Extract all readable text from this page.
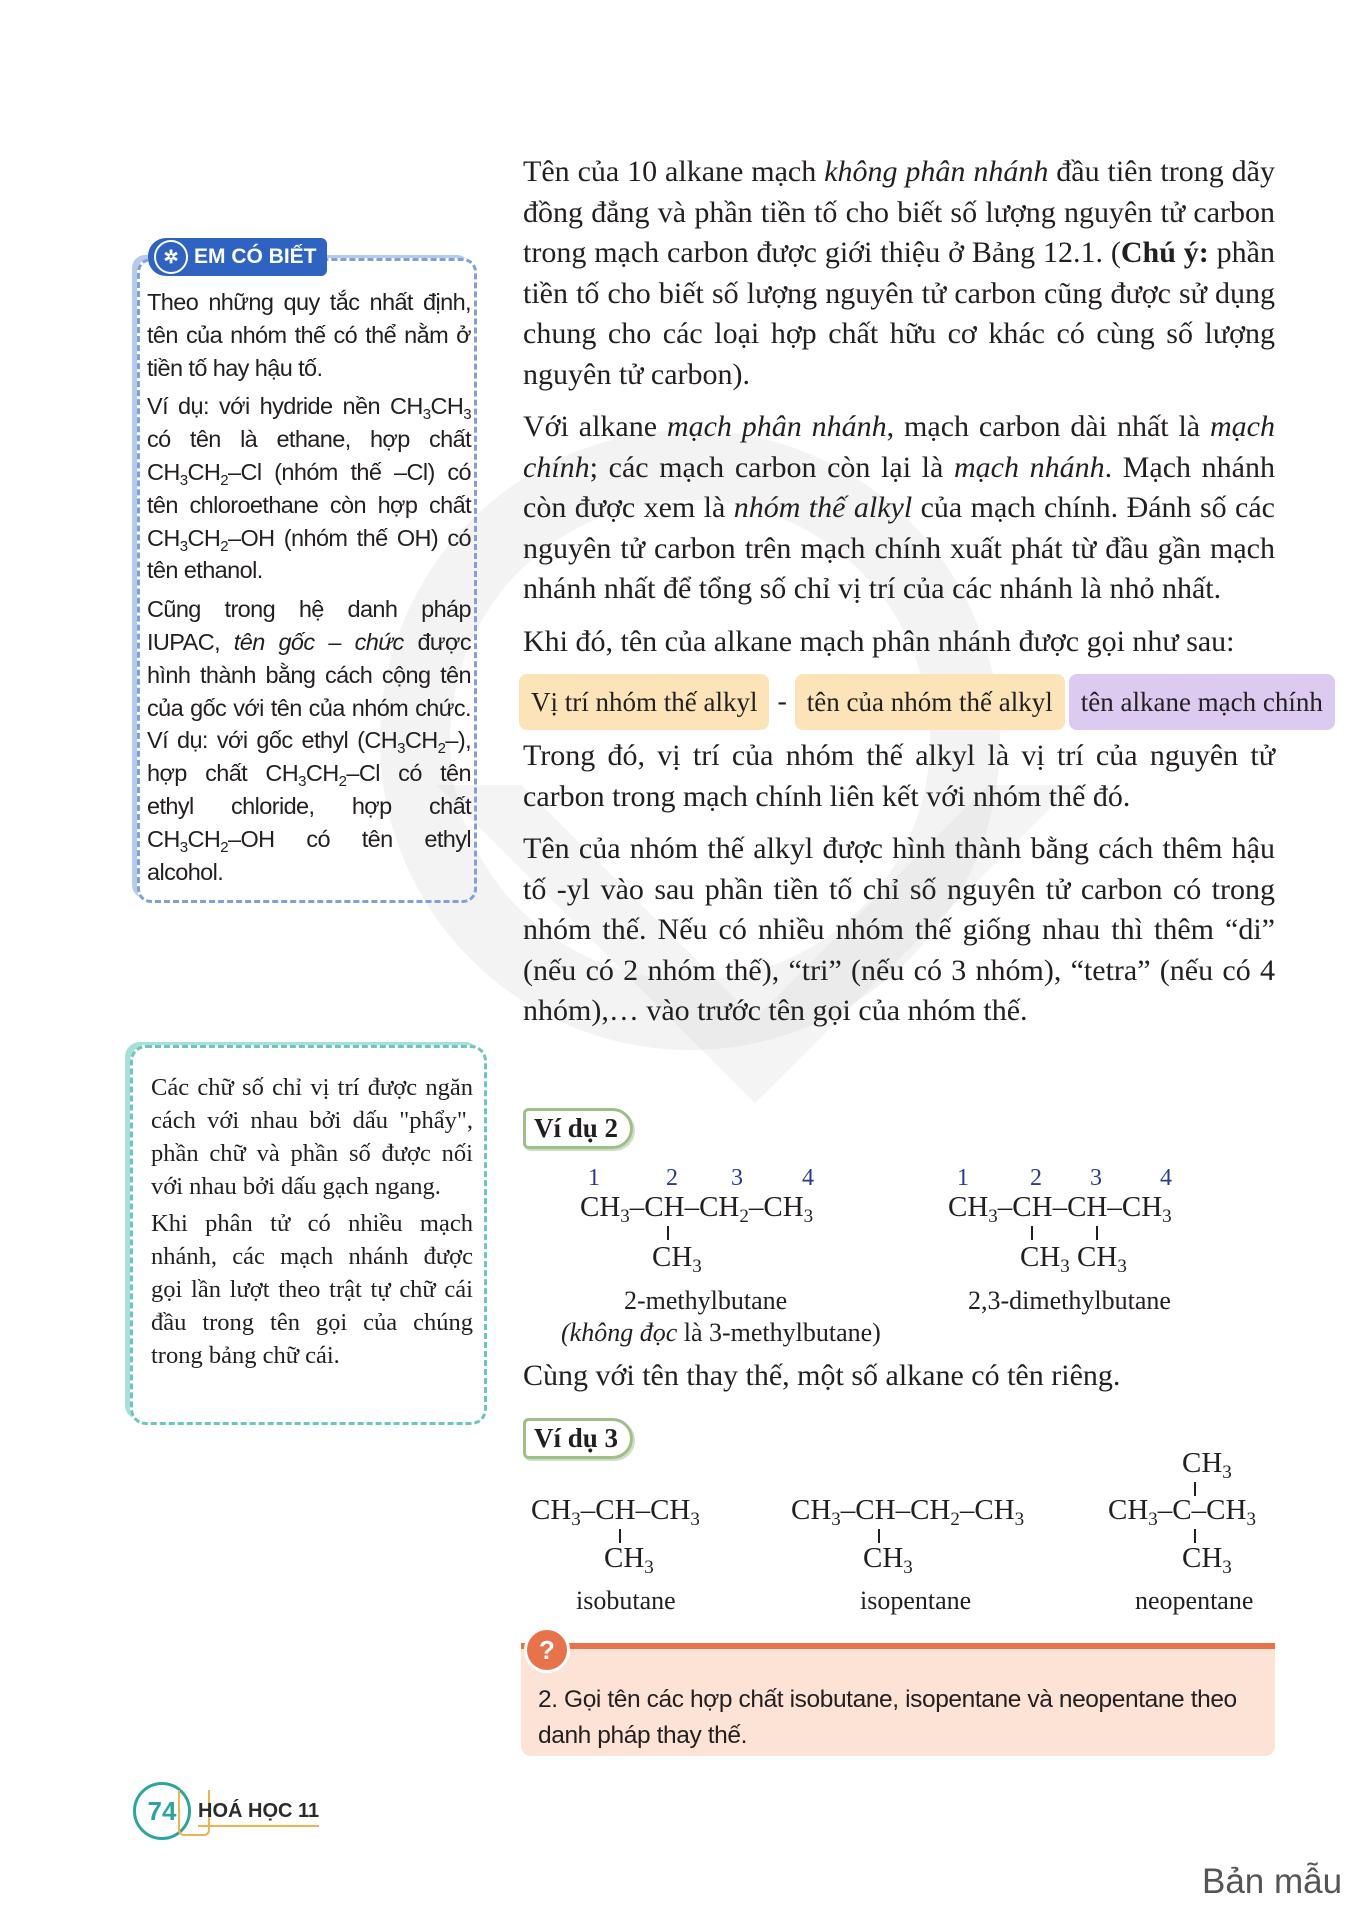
Tên của 10 alkane mạch không phân nhánh đầu tiên trong dãy đồng đẳng và phần tiền tố cho biết số lượng nguyên tử carbon trong mạch carbon được giới thiệu ở Bảng 12.1. (Chú ý: phần tiền tố cho biết số lượng nguyên tử carbon cũng được sử dụng chung cho các loại hợp chất hữu cơ khác có cùng số lượng nguyên tử carbon).

Với alkane mạch phân nhánh, mạch carbon dài nhất là mạch chính; các mạch carbon còn lại là mạch nhánh. Mạch nhánh còn được xem là nhóm thế alkyl của mạch chính. Đánh số các nguyên tử carbon trên mạch chính xuất phát từ đầu gần mạch nhánh nhất để tổng số chỉ vị trí của các nhánh là nhỏ nhất.

Khi đó, tên của alkane mạch phân nhánh được gọi như sau:

Vị trí nhóm thế alkyl - tên của nhóm thế alkyl	tên alkane mạch chính

Trong đó, vị trí của nhóm thế alkyl là vị trí của nguyên tử carbon trong mạch chính liên kết với nhóm thế đó.

Tên của nhóm thế alkyl được hình thành bằng cách thêm hậu tố -yl vào sau phần tiền tố chỉ số nguyên tử carbon có trong nhóm thế. Nếu có nhiều nhóm thế giống nhau thì thêm “di” (nếu có 2 nhóm thế), “tri” (nếu có 3 nhóm), “tetra” (nếu có 4 nhóm),… vào trước tên gọi của nhóm thế.

Ví dụ 2
1	2 3 4
$CH_3-CH-CH_2-CH_3$
$CH_3$
2-methylbutane
(không đọc là 3-methylbutane)
1	2 3 4
$CH_3-CH-CH-CH_3$
$CH_3$ $CH_3$
2,3-dimethylbutane

Cùng với tên thay thế, một số alkane có tên riêng.

Ví dụ 3
$CH_3-CH-CH_3$
$CH_3$
isobutane
$CH_3-CH-CH_2-CH_3$
$CH_3$
isopentane
$CH_3$
$CH_3-C-CH_3$
$CH_3$
neopentane
?
2. Gọi tên các hợp chất isobutane, isopentane và neopentane theo danh pháp thay thế.
✲ EM CÓ BIẾT

Theo những quy tắc nhất định, tên của nhóm thế có thể nằm ở tiền tố hay hậu tố.

Ví dụ: với hydride nền $CH_3CH_3$ có tên là ethane, hợp chất $CH_3CH_2-Cl$ (nhóm thế –Cl) có tên chloroethane còn hợp chất $CH_3CH_2-OH$ (nhóm thế OH) có tên ethanol.

Cũng trong hệ danh pháp IUPAC, tên gốc – chức được hình thành bằng cách cộng tên của gốc với tên của nhóm chức. Ví dụ: với gốc ethyl $(CH_3CH_2-)$, hợp chất $CH_3CH_2-Cl$ có tên ethyl chloride, hợp chất $CH_3CH_2-OH$ có tên ethyl alcohol.

Các chữ số chỉ vị trí được ngăn cách với nhau bởi dấu "phẩy", phần chữ và phần số được nối với nhau bởi dấu gạch ngang.

Khi phân tử có nhiều mạch nhánh, các mạch nhánh được gọi lần lượt theo trật tự chữ cái đầu trong tên gọi của chúng trong bảng chữ cái.

74	HOÁ HỌC 11
Bản mẫu
